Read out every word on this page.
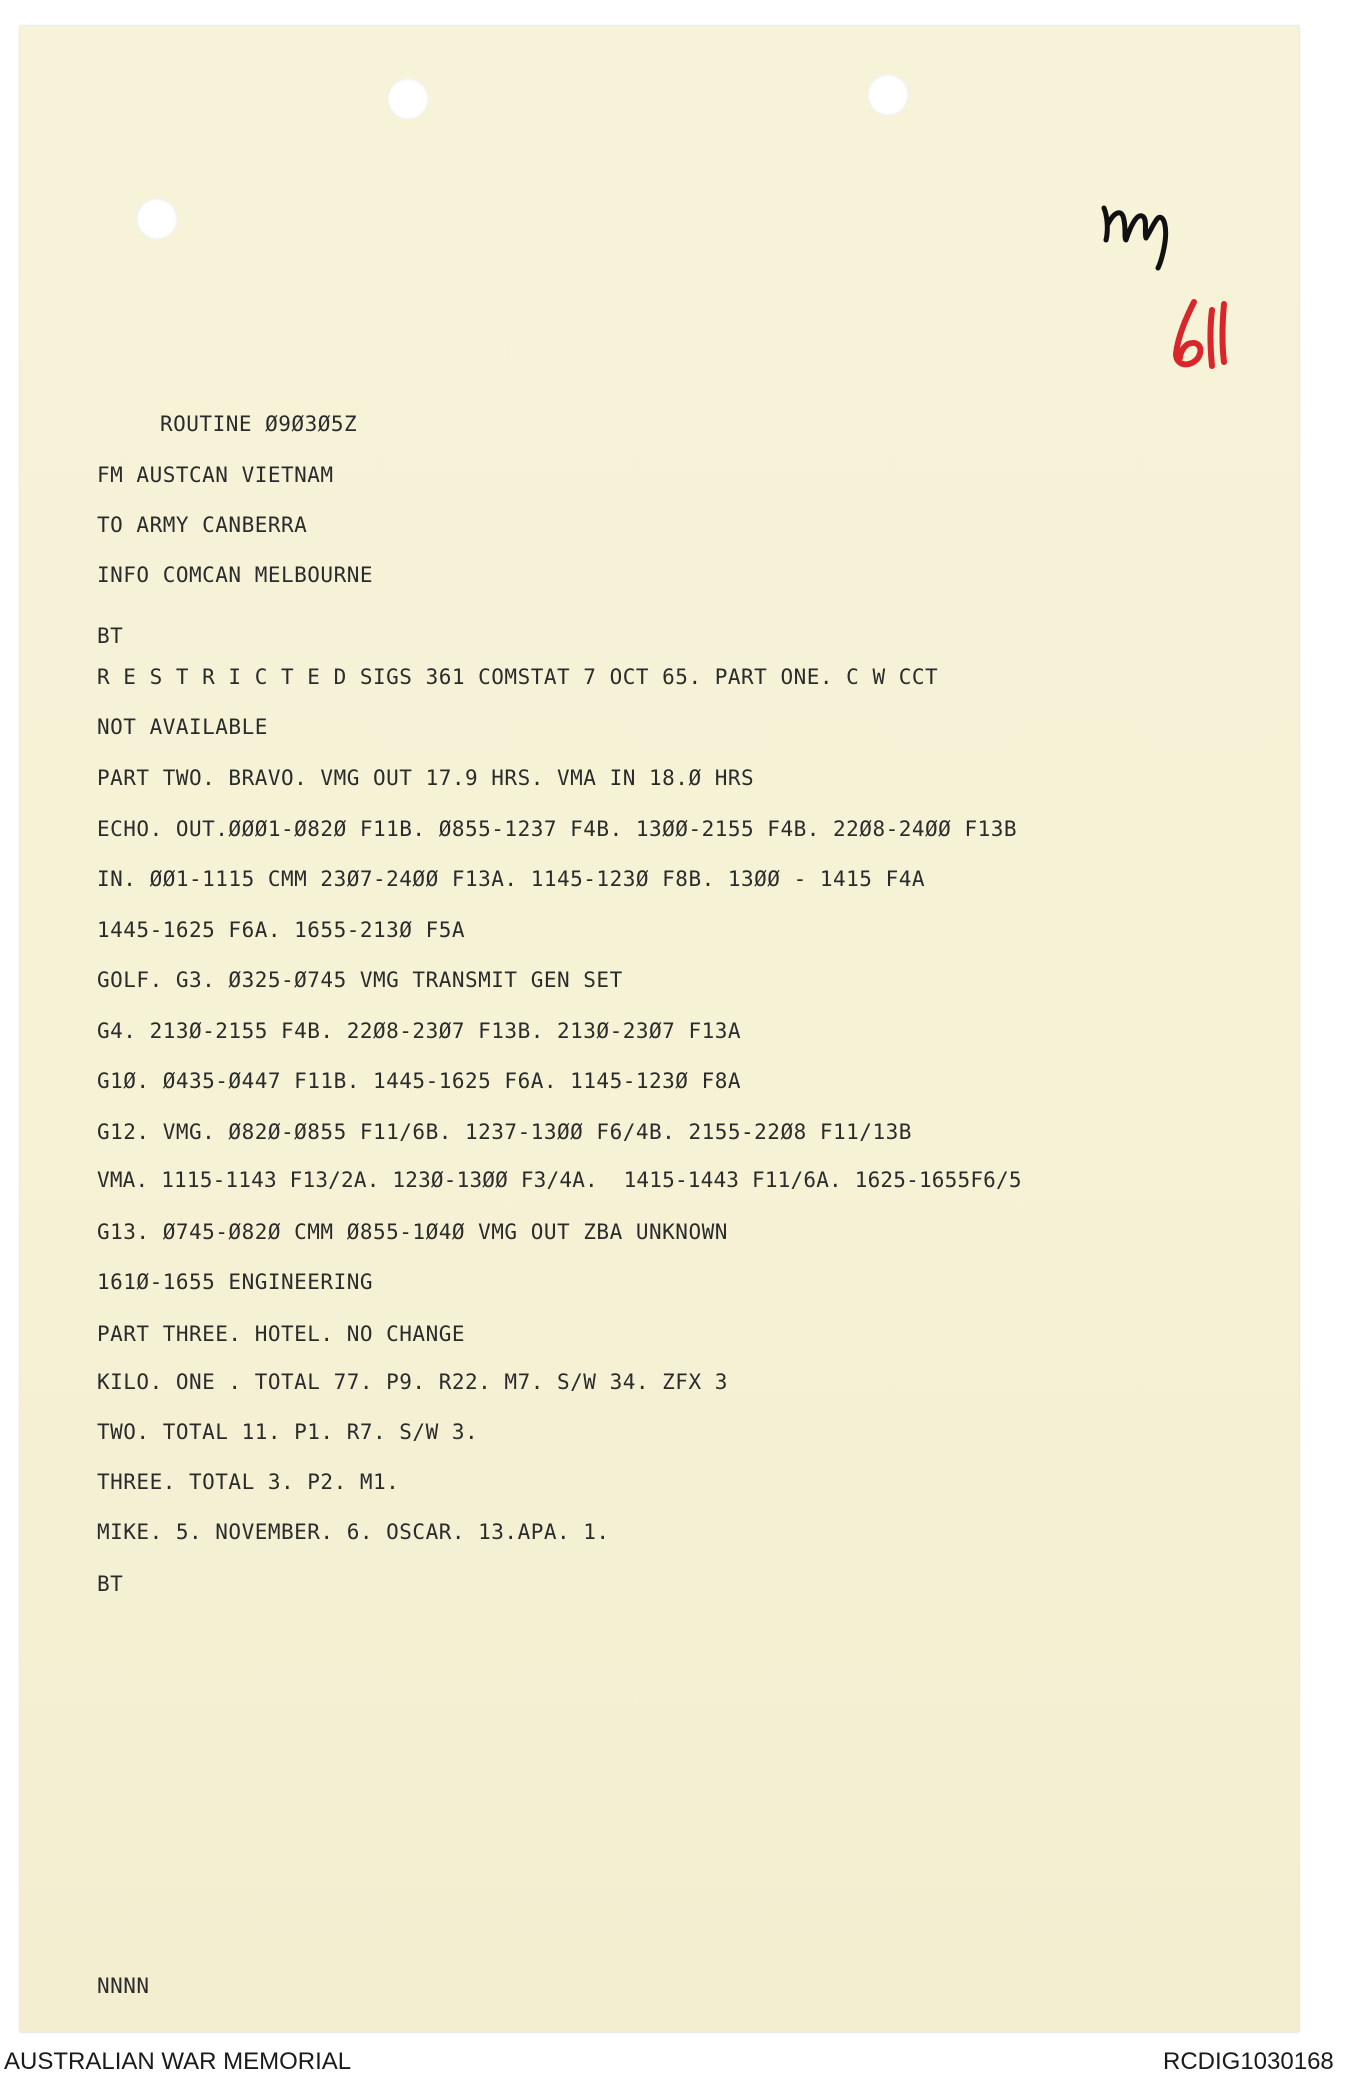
ROUTINE Ø9Ø3Ø5Z
FM AUSTCAN VIETNAM
TO ARMY CANBERRA
INFO COMCAN MELBOURNE
BT
R E S T R I C T E D SIGS 361 COMSTAT 7 OCT 65. PART ONE. C W CCT
NOT AVAILABLE
PART TWO. BRAVO. VMG OUT 17.9 HRS. VMA IN 18.Ø HRS
ECHO. OUT.ØØØ1-Ø82Ø F11B. Ø855-1237 F4B. 13ØØ-2155 F4B. 22Ø8-24ØØ F13B
IN. ØØ1-1115 CMM 23Ø7-24ØØ F13A. 1145-123Ø F8B. 13ØØ - 1415 F4A
1445-1625 F6A. 1655-213Ø F5A
GOLF. G3. Ø325-Ø745 VMG TRANSMIT GEN SET
G4. 213Ø-2155 F4B. 22Ø8-23Ø7 F13B. 213Ø-23Ø7 F13A
G1Ø. Ø435-Ø447 F11B. 1445-1625 F6A. 1145-123Ø F8A
G12. VMG. Ø82Ø-Ø855 F11/6B. 1237-13ØØ F6/4B. 2155-22Ø8 F11/13B
VMA. 1115-1143 F13/2A. 123Ø-13ØØ F3/4A.  1415-1443 F11/6A. 1625-1655F6/5
G13. Ø745-Ø82Ø CMM Ø855-1Ø4Ø VMG OUT ZBA UNKNOWN
161Ø-1655 ENGINEERING
PART THREE. HOTEL. NO CHANGE
KILO. ONE . TOTAL 77. P9. R22. M7. S/W 34. ZFX 3
TWO. TOTAL 11. P1. R7. S/W 3.
THREE. TOTAL 3. P2. M1.
MIKE. 5. NOVEMBER. 6. OSCAR. 13.APA. 1.
BT
NNNN
AUSTRALIAN WAR MEMORIAL	RCDIG1030168
